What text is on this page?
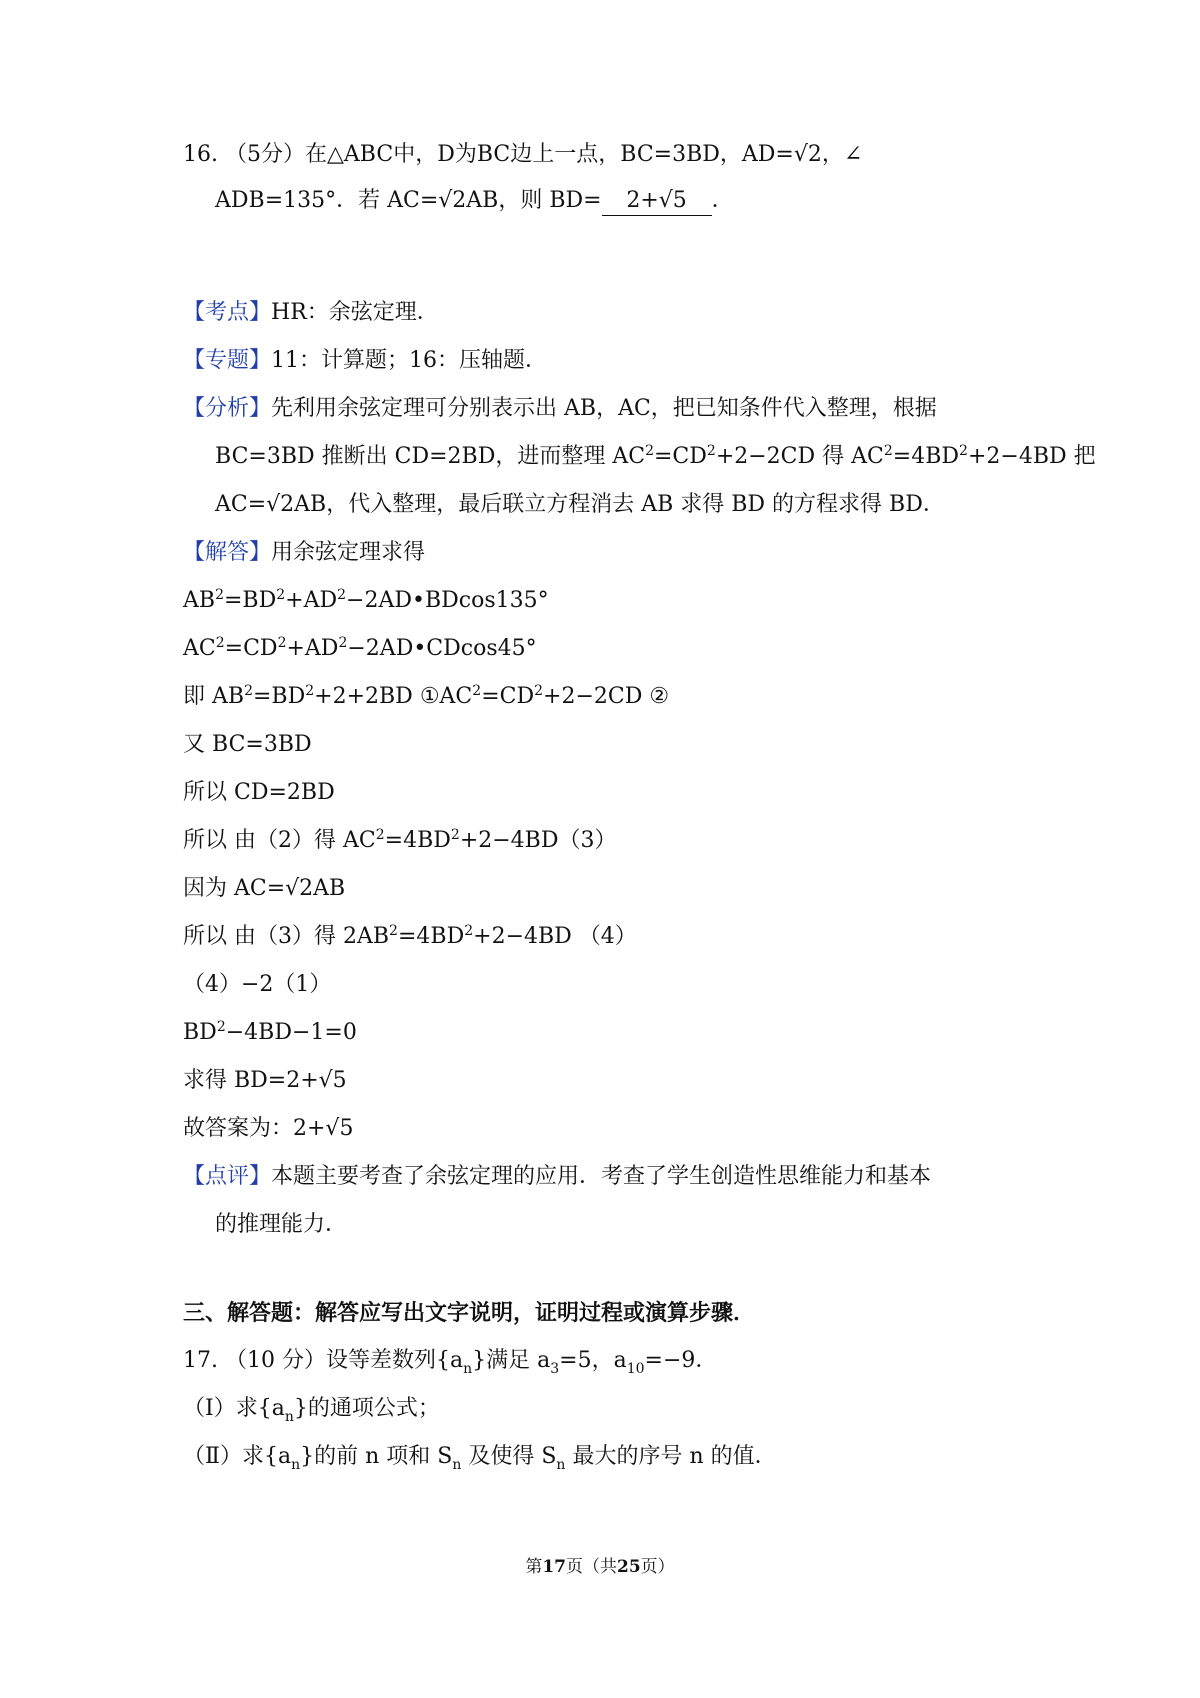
16. （5分）在△ABC中，D为BC边上一点，BC=3BD，AD=√2，∠
ADB=135°．若 AC=√2AB，则 BD= 2+√5 ．
【考点】HR：余弦定理．
【专题】11：计算题；16：压轴题．
【分析】先利用余弦定理可分别表示出 AB，AC，把已知条件代入整理，根据
BC=3BD 推断出 CD=2BD，进而整理 $AC^2=CD^2+2-2CD$ 得 $AC^2=4BD^2+2-4BD$ 把
AC=√2AB，代入整理，最后联立方程消去 AB 求得 BD 的方程求得 BD．
【解答】用余弦定理求得
$AB^2=BD^2+AD^2-2AD•BDcos135^\circ$
$AC^2=CD^2+AD^2-2AD•CDcos45^\circ$
即 $AB^2=BD^2+2+2BD$ $①AC^2=CD^2+2-2CD$ ②
又 BC=3BD
所以 CD=2BD
所以 由（2）得 $AC^2=4BD^2+2-4BD(3)$
因为 AC=√2AB
所以 由（3）得 $2AB^2=4BD^2+2-4BD$ （4）
（4）−2（1）
$BD^2-4BD-1=0$
求得 BD=2+√5
故答案为：2+√5
【点评】本题主要考查了余弦定理的应用．考查了学生创造性思维能力和基本
的推理能力．
三、解答题：解答应写出文字说明，证明过程或演算步骤．
17. （10 分）设等差数列$\{a_n\}$满足 $a_3=5$，$a_{10}=-9$．
（Ⅰ）求$\{a_n\}$的通项公式；
（Ⅱ）求$\{a_n\}$的前 n 项和 $S_n$ 及使得 $S_n$ 最大的序号 n 的值．
第17页（共25页）
